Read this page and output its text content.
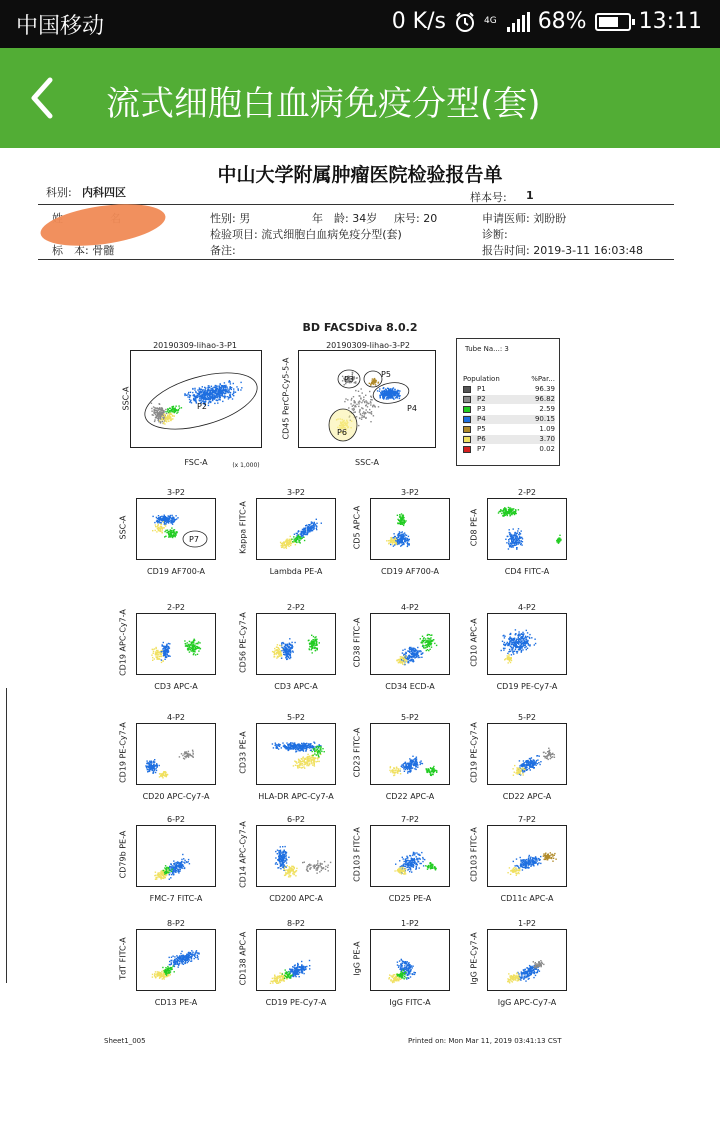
中国移动	0 K/s	4G 68% 13:11
流式细胞白血病免疫分型(套)
中山大学附属肿瘤医院检验报告单
科别: 内科四区	样本号: 1
性别: 男	年　龄: 34岁 床号: 20	申请医师: 刘盼盼
检验项目: 流式细胞白血病免疫分型(套)	诊断:
标　本: 骨髓	备注:	报告时间: 2019-3-11 16:03:48
BD FACSDiva 8.0.2
20190309-lihao-3-P1
P2
FSC-A	(x 1,000)
SSC-A
20190309-lihao-3-P2
P3
P5
P4
P6
SSC-A
CD45 PerCP-Cy5-5-A
Tube Na...: 3
Population	%Par...
P1	96.39
P2	96.82
P3	2.59
P4	90.15
P5	1.09
P6	3.70
P7	0.02
3-P2
P7
CD19 AF700-A
SSC-A
3-P2
Lambda PE-A
Kappa FITC-A
3-P2
CD19 AF700-A
CD5 APC-A
2-P2
CD4 FITC-A
CD8 PE-A
2-P2
CD3 APC-A
CD19 APC-Cy7-A
2-P2
CD3 APC-A
CD56 PE-Cy7-A
4-P2
CD34 ECD-A
CD38 FITC-A
4-P2
CD19 PE-Cy7-A
CD10 APC-A
4-P2
CD20 APC-Cy7-A
CD19 PE-Cy7-A
5-P2
HLA-DR APC-Cy7-A
CD33 PE-A
5-P2
CD22 APC-A
CD23 FITC-A
5-P2
CD22 APC-A
CD19 PE-Cy7-A
6-P2
FMC-7 FITC-A
CD79b PE-A
6-P2
CD200 APC-A
CD14 APC-Cy7-A
7-P2
CD25 PE-A
CD103 FITC-A
7-P2
CD11c APC-A
CD103 FITC-A
8-P2
CD13 PE-A
TdT FITC-A
8-P2
CD19 PE-Cy7-A
CD138 APC-A
1-P2
IgG FITC-A
IgG PE-A
1-P2
IgG APC-Cy7-A
IgG PE-Cy7-A
Sheet1_005	Printed on: Mon Mar 11, 2019 03:41:13 CST
